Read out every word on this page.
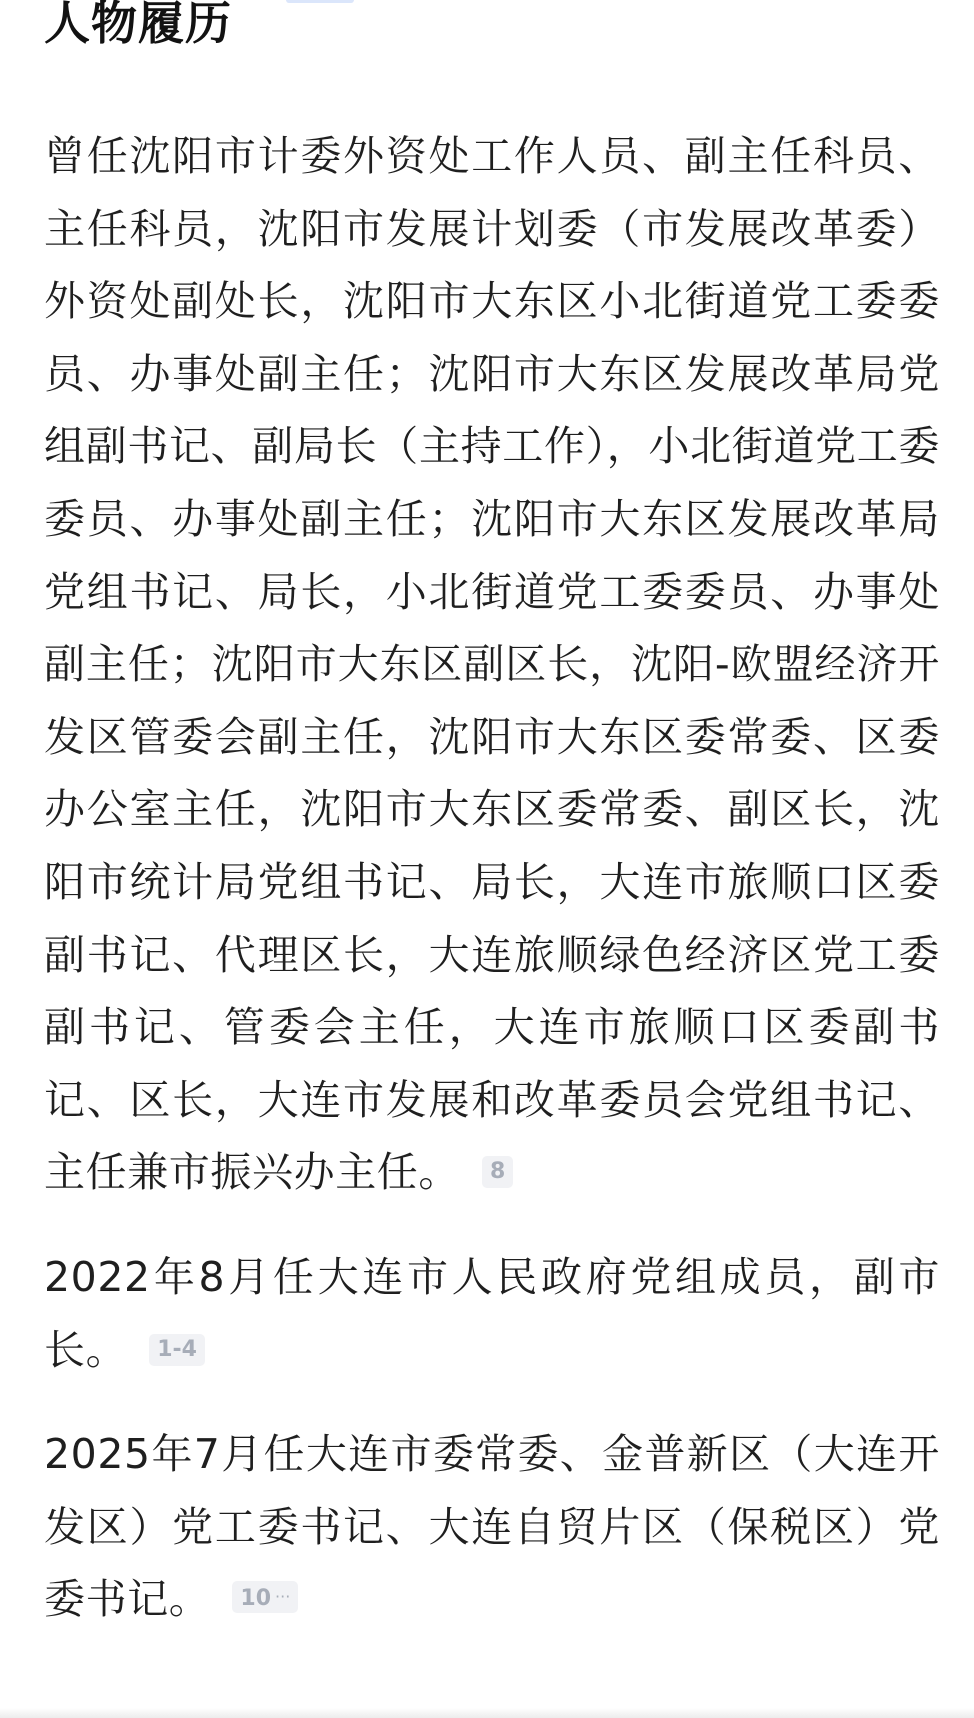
人物履历

曾任沈阳市计委外资处工作人员、副主任科员、主任科员，沈阳市发展计划委（市发展改革委）外资处副处长，沈阳市大东区小北街道党工委委员、办事处副主任；沈阳市大东区发展改革局党组副书记、副局长（主持工作），小北街道党工委委员、办事处副主任；沈阳市大东区发展改革局党组书记、局长，小北街道党工委委员、办事处副主任；沈阳市大东区副区长，沈阳-欧盟经济开发区管委会副主任，沈阳市大东区委常委、区委办公室主任，沈阳市大东区委常委、副区长，沈阳市统计局党组书记、局长，大连市旅顺口区委副书记、代理区长，大连旅顺绿色经济区党工委副书记、管委会主任，大连市旅顺口区委副书记、区长，大连市发展和改革委员会党组书记、主任兼市振兴办主任。 8

2022年8月任大连市人民政府党组成员，副市长。 1-4

2025年7月任大连市委常委、金普新区（大连开发区）党工委书记、大连自贸片区（保税区）党委书记。 10 ···
